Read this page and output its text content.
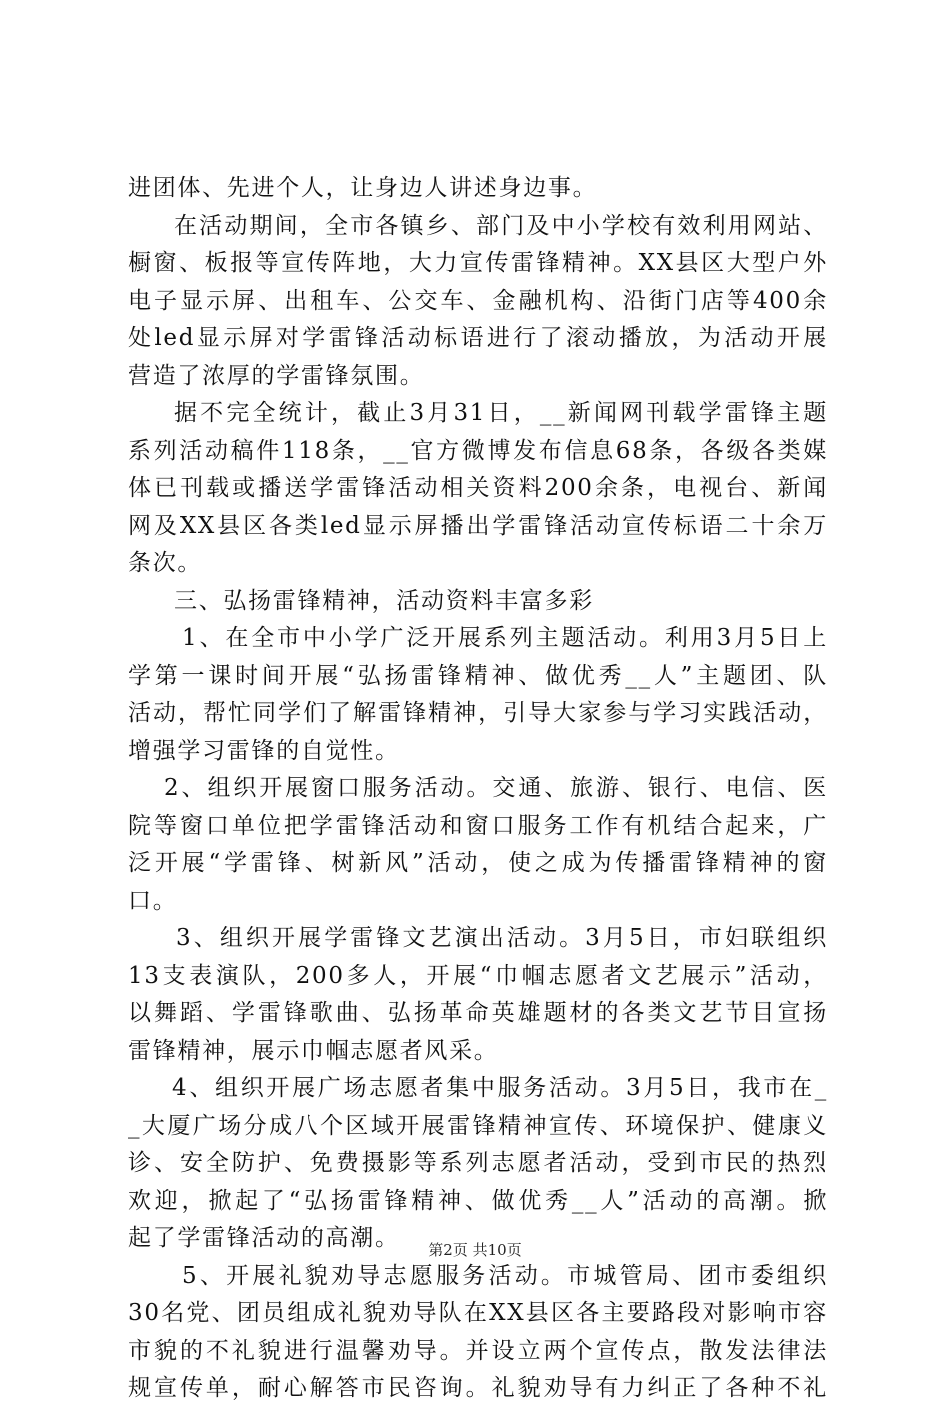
进团体、先进个人，让身边人讲述身边事。
在活动期间，全市各镇乡、部门及中小学校有效利用网站、
橱窗、板报等宣传阵地，大力宣传雷锋精神。XX县区大型户外
电子显示屏、出租车、公交车、金融机构、沿街门店等400余
处led显示屏对学雷锋活动标语进行了滚动播放，为活动开展
营造了浓厚的学雷锋氛围。
据不完全统计，截止3月31日，__新闻网刊载学雷锋主题
系列活动稿件118条，__官方微博发布信息68条，各级各类媒
体已刊载或播送学雷锋活动相关资料200余条，电视台、新闻
网及XX县区各类led显示屏播出学雷锋活动宣传标语二十余万
条次。
三、弘扬雷锋精神，活动资料丰富多彩
1、在全市中小学广泛开展系列主题活动。利用3月5日上
学第一课时间开展“弘扬雷锋精神、做优秀__人”主题团、队
活动，帮忙同学们了解雷锋精神，引导大家参与学习实践活动，
增强学习雷锋的自觉性。
2、组织开展窗口服务活动。交通、旅游、银行、电信、医
院等窗口单位把学雷锋活动和窗口服务工作有机结合起来，广
泛开展“学雷锋、树新风”活动，使之成为传播雷锋精神的窗
口。
3、组织开展学雷锋文艺演出活动。3月5日，市妇联组织
13支表演队，200多人，开展“巾帼志愿者文艺展示”活动，
以舞蹈、学雷锋歌曲、弘扬革命英雄题材的各类文艺节目宣扬
雷锋精神，展示巾帼志愿者风采。
4、组织开展广场志愿者集中服务活动。3月5日，我市在_
_大厦广场分成八个区域开展雷锋精神宣传、环境保护、健康义
诊、安全防护、免费摄影等系列志愿者活动，受到市民的热烈
欢迎，掀起了“弘扬雷锋精神、做优秀__人”活动的高潮。掀
起了学雷锋活动的高潮。
5、开展礼貌劝导志愿服务活动。市城管局、团市委组织
30名党、团员组成礼貌劝导队在XX县区各主要路段对影响市容
市貌的不礼貌进行温馨劝导。并设立两个宣传点，散发法律法
规宣传单，耐心解答市民咨询。礼貌劝导有力纠正了各种不礼
第2页 共10页
